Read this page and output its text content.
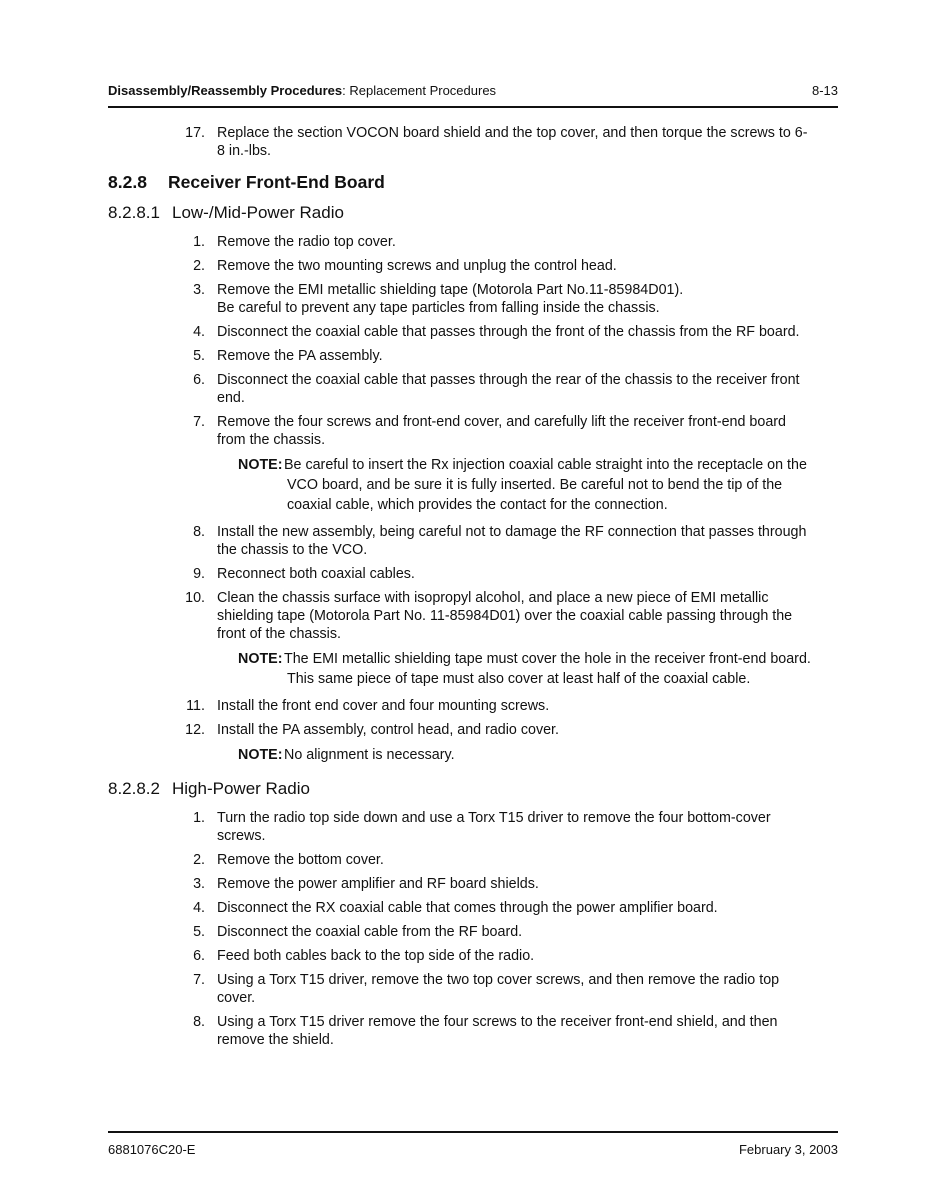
Disassembly/Reassembly Procedures: Replacement Procedures	8-13
17. Replace the section VOCON board shield and the top cover, and then torque the screws to 6-
8 in.-lbs.
8.2.8 Receiver Front-End Board
8.2.8.1 Low-/Mid-Power Radio
1. Remove the radio top cover.
2. Remove the two mounting screws and unplug the control head.
3. Remove the EMI metallic shielding tape (Motorola Part No.11-85984D01).
Be careful to prevent any tape particles from falling inside the chassis.
4. Disconnect the coaxial cable that passes through the front of the chassis from the RF board.
5. Remove the PA assembly.
6. Disconnect the coaxial cable that passes through the rear of the chassis to the receiver front
end.
7. Remove the four screws and front-end cover, and carefully lift the receiver front-end board
from the chassis.
NOTE: Be careful to insert the Rx injection coaxial cable straight into the receptacle on the
VCO board, and be sure it is fully inserted. Be careful not to bend the tip of the
coaxial cable, which provides the contact for the connection.
8. Install the new assembly, being careful not to damage the RF connection that passes through
the chassis to the VCO.
9. Reconnect both coaxial cables.
10. Clean the chassis surface with isopropyl alcohol, and place a new piece of EMI metallic
shielding tape (Motorola Part No. 11-85984D01) over the coaxial cable passing through the
front of the chassis.
NOTE: The EMI metallic shielding tape must cover the hole in the receiver front-end board.
This same piece of tape must also cover at least half of the coaxial cable.
11. Install the front end cover and four mounting screws.
12. Install the PA assembly, control head, and radio cover.
NOTE: No alignment is necessary.
8.2.8.2 High-Power Radio
1. Turn the radio top side down and use a Torx T15 driver to remove the four bottom-cover
screws.
2. Remove the bottom cover.
3. Remove the power amplifier and RF board shields.
4. Disconnect the RX coaxial cable that comes through the power amplifier board.
5. Disconnect the coaxial cable from the RF board.
6. Feed both cables back to the top side of the radio.
7. Using a Torx T15 driver, remove the two top cover screws, and then remove the radio top
cover.
8. Using a Torx T15 driver remove the four screws to the receiver front-end shield, and then
remove the shield.
6881076C20-E	February 3, 2003
